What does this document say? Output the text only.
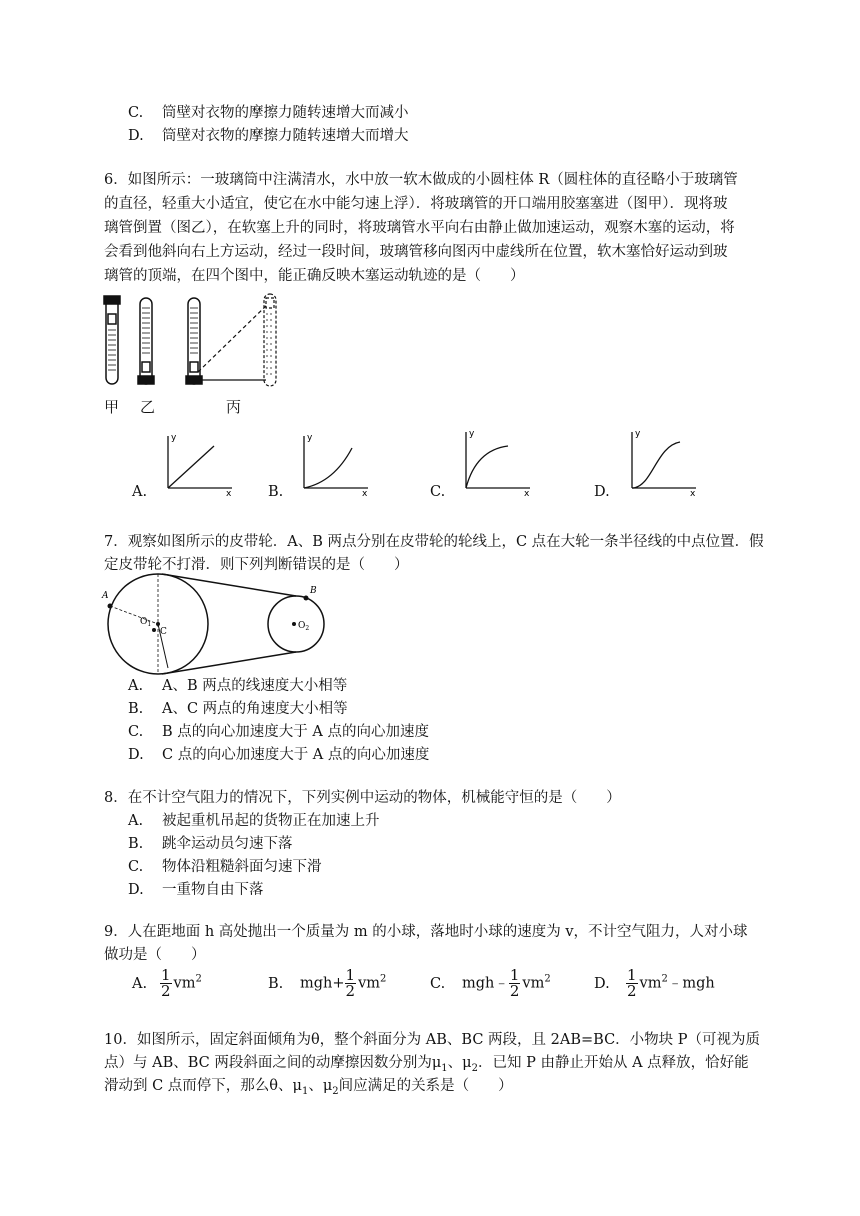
C. 筒壁对衣物的摩擦力随转速增大而减小
D. 筒壁对衣物的摩擦力随转速增大而增大
6．如图所示：一玻璃筒中注满清水，水中放一软木做成的小圆柱体 R（圆柱体的直径略小于玻璃管
的直径，轻重大小适宜，使它在水中能匀速上浮）．将玻璃管的开口端用胶塞塞进（图甲）．现将玻
璃管倒置（图乙），在软塞上升的同时，将玻璃管水平向右由静止做加速运动，观察木塞的运动，将
会看到他斜向右上方运动，经过一段时间，玻璃管移向图丙中虚线所在位置，软木塞恰好运动到玻
璃管的顶端，在四个图中，能正确反映木塞运动轨迹的是（　　）
甲 乙	丙
A.
y
x	B.
y
x	C.
y
x	D.
y
x
7．观察如图所示的皮带轮．A、B 两点分别在皮带轮的轮线上，C 点在大轮一条半径线的中点位置．假
定皮带轮不打滑．则下列判断错误的是（　　）
A	B
C
$O_1$	$O_2$
A. A、B 两点的线速度大小相等
B. A、C 两点的角速度大小相等
C. B 点的向心加速度大于 A 点的向心加速度
D. C 点的向心加速度大于 A 点的向心加速度
8．在不计空气阻力的情况下，下列实例中运动的物体，机械能守恒的是（　　）
A. 被起重机吊起的货物正在加速上升
B. 跳伞运动员匀速下落
C. 物体沿粗糙斜面匀速下滑
D. 一重物自由下落
9．人在距地面 h 高处抛出一个质量为 m 的小球，落地时小球的速度为 v，不计空气阻力，人对小球
做功是（　　）
A. $\frac{1}{2} vm^2$	B. $mgh+ \frac{1}{2} vm^2$	C. mgh﹣ $\frac{1}{2} vm^2$	D. $\frac{1}{2}$ $vm^2﹣mgh$
10．如图所示，固定斜面倾角为θ，整个斜面分为 AB、BC 两段，且 2AB=BC．小物块 P（可视为质
点）与 AB、BC 两段斜面之间的动摩擦因数分别为$\mu_1$、$\mu_2$．已知 P 由静止开始从 A 点释放，恰好能
滑动到 C 点而停下，那么θ、$\mu_1$、$\mu_2$间应满足的关系是（　　）
